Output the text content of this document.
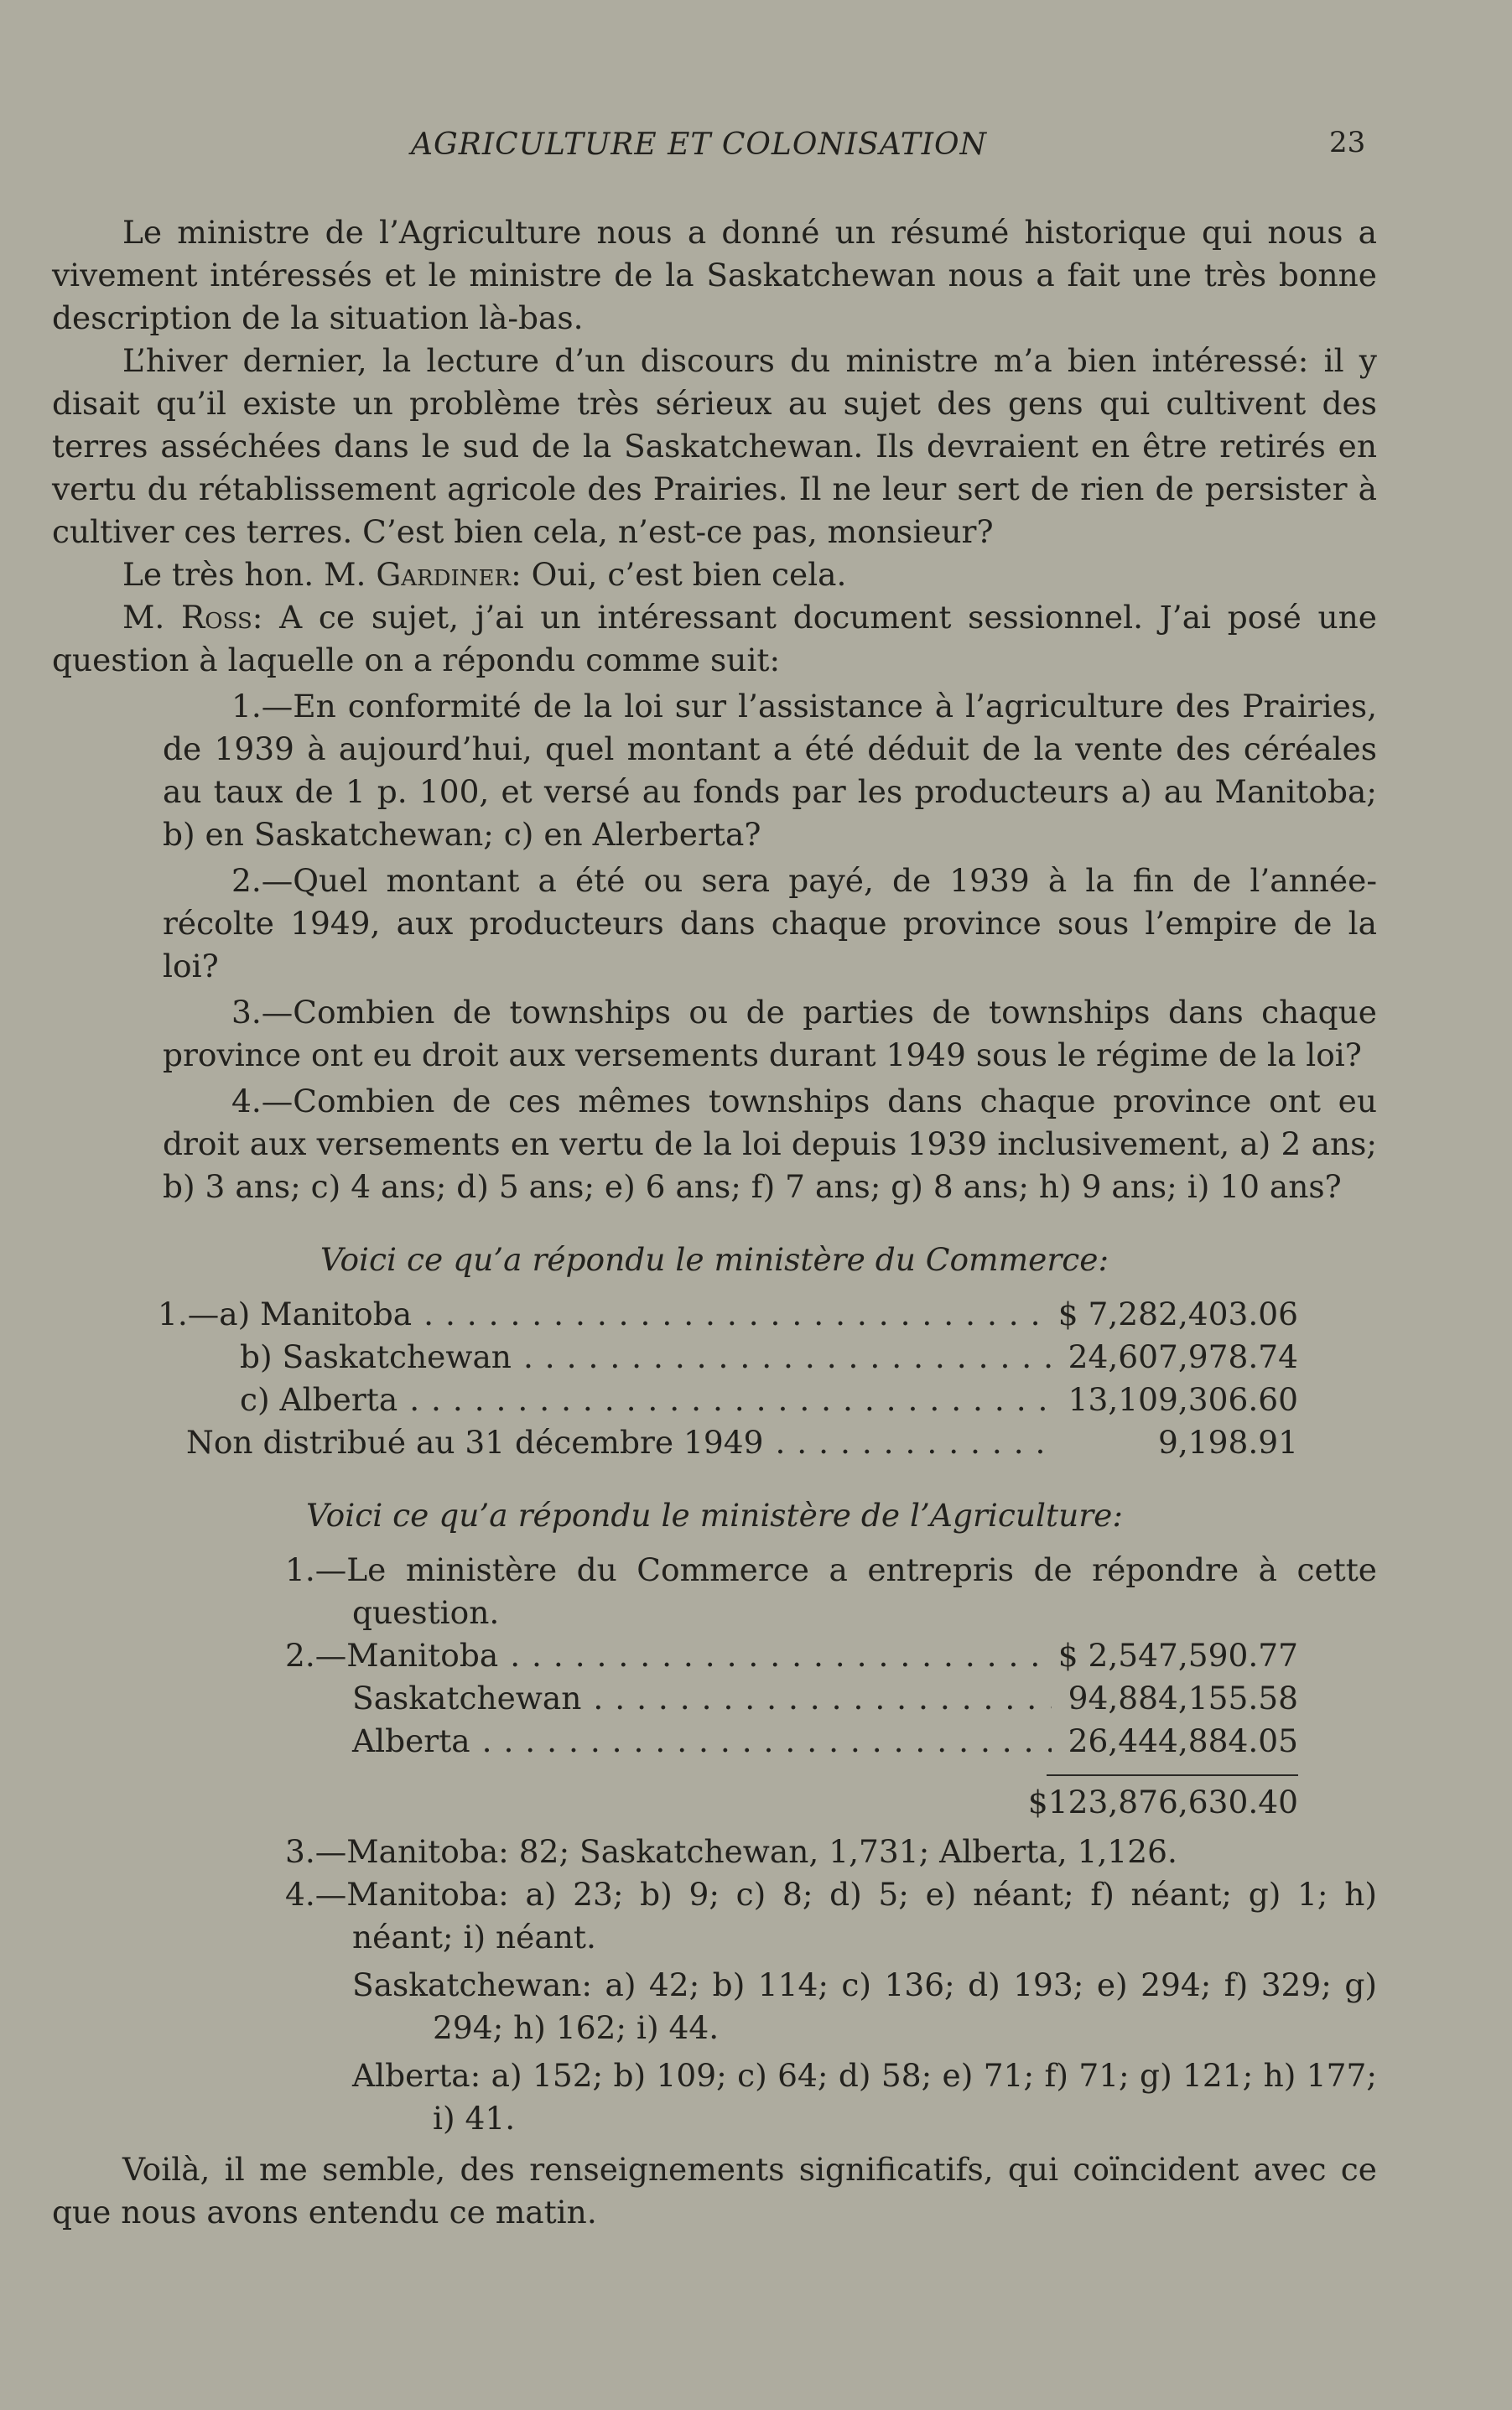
AGRICULTURE ET COLONISATION	23

Le ministre de l’Agriculture nous a donné un résumé historique qui nous a vivement intéressés et le ministre de la Saskatchewan nous a fait une très bonne description de la situation là-bas.

L’hiver dernier, la lecture d’un discours du ministre m’a bien intéressé: il y disait qu’il existe un problème très sérieux au sujet des gens qui cultivent des terres asséchées dans le sud de la Saskatchewan. Ils devraient en être retirés en vertu du rétablissement agricole des Prairies. Il ne leur sert de rien de persister à cultiver ces terres. C’est bien cela, n’est-ce pas, monsieur?

Le très hon. M. Gardiner: Oui, c’est bien cela.

M. Ross: A ce sujet, j’ai un intéressant document sessionnel. J’ai posé une question à laquelle on a répondu comme suit:

1.—En conformité de la loi sur l’assistance à l’agriculture des Prairies, de 1939 à aujourd’hui, quel montant a été déduit de la vente des céréales au taux de 1 p. 100, et versé au fonds par les producteurs a) au Manitoba; b) en Saskatchewan; c) en Alerberta?

2.—Quel montant a été ou sera payé, de 1939 à la fin de l’année-récolte 1949, aux producteurs dans chaque province sous l’empire de la loi?

3.—Combien de townships ou de parties de townships dans chaque province ont eu droit aux versements durant 1949 sous le régime de la loi?

4.—Combien de ces mêmes townships dans chaque province ont eu droit aux versements en vertu de la loi depuis 1939 inclusivement, a) 2 ans; b) 3 ans; c) 4 ans; d) 5 ans; e) 6 ans; f) 7 ans; g) 8 ans; h) 9 ans; i) 10 ans?

Voici ce qu’a répondu le ministère du Commerce:

1.—a) Manitoba . . .	$ 7,282,403.06
b) Saskatchewan . . .	24,607,978.74
c) Alberta . . .	13,109,306.60
Non distribué au 31 décembre 1949 . . .	9,198.91

Voici ce qu’a répondu le ministère de l’Agriculture:

1.—Le ministère du Commerce a entrepris de répondre à cette question.

2.—Manitoba . . .	$ 2,547,590.77
Saskatchewan . . .	94,884,155.58
Alberta . . .	26,444,884.05
$123,876,630.40

3.—Manitoba: 82; Saskatchewan, 1,731; Alberta, 1,126.

4.—Manitoba: a) 23; b) 9; c) 8; d) 5; e) néant; f) néant; g) 1; h) néant; i) néant.

Saskatchewan: a) 42; b) 114; c) 136; d) 193; e) 294; f) 329; g) 294; h) 162; i) 44.

Alberta: a) 152; b) 109; c) 64; d) 58; e) 71; f) 71; g) 121; h) 177; i) 41.

Voilà, il me semble, des renseignements significatifs, qui coïncident avec ce que nous avons entendu ce matin.
